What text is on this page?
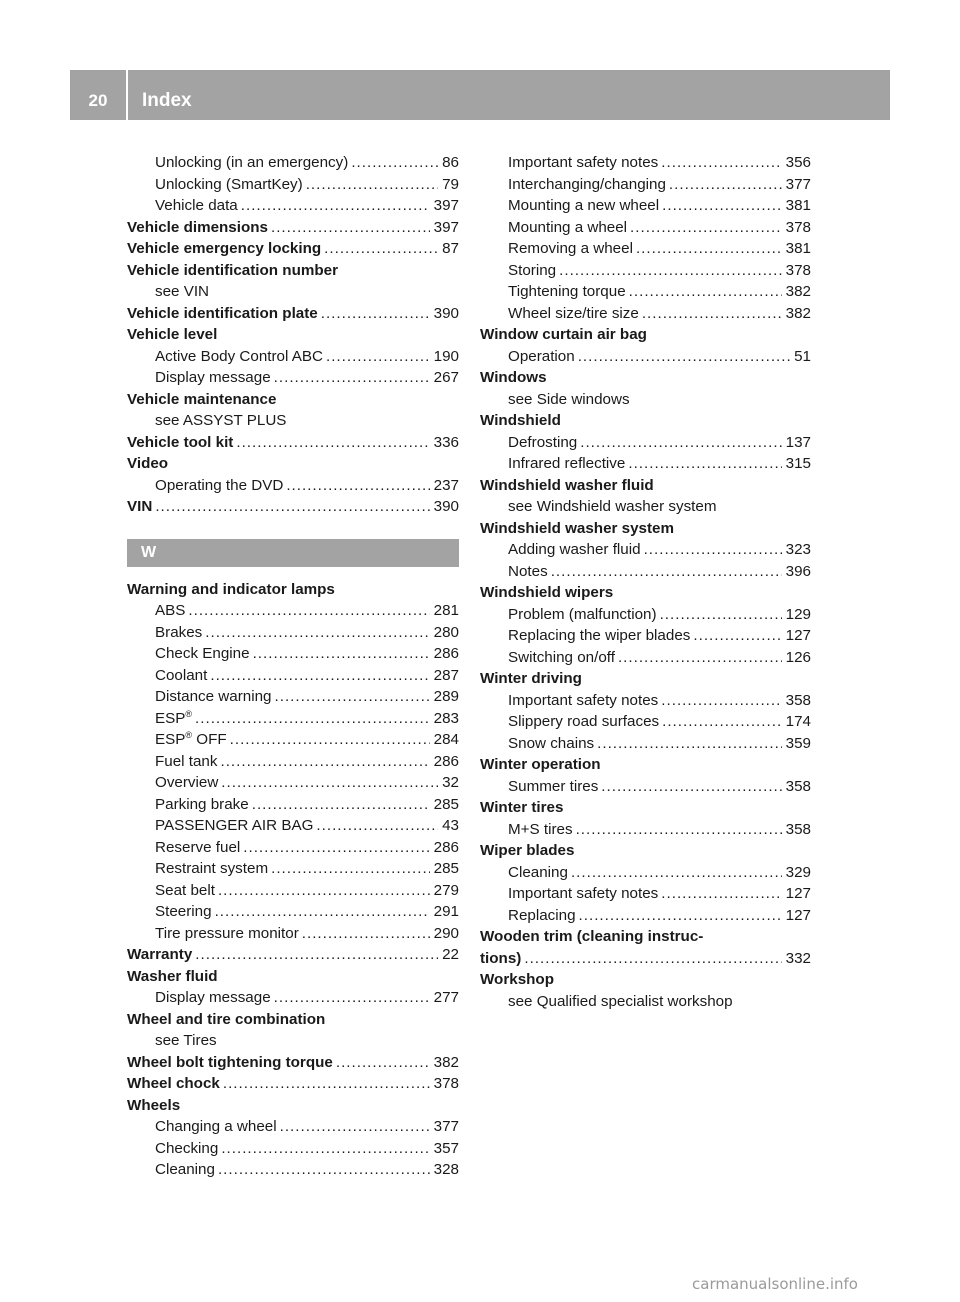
20	Index
Unlocking (in an emergency) .....	86
Unlocking (SmartKey) .....	79
Vehicle data .....	397
Vehicle dimensions .....	397
Vehicle emergency locking .....	87
Vehicle identification number
see VIN
Vehicle identification plate .....	390
Vehicle level
Active Body Control ABC .....	190
Display message .....	267
Vehicle maintenance
see ASSYST PLUS
Vehicle tool kit .....	336
Video
Operating the DVD .....	237
VIN .....	390
W
Warning and indicator lamps
ABS .....	281
Brakes .....	280
Check Engine .....	286
Coolant .....	287
Distance warning .....	289
ESP® .....	283
ESP® OFF .....	284
Fuel tank .....	286
Overview .....	32
Parking brake .....	285
PASSENGER AIR BAG .....	43
Reserve fuel .....	286
Restraint system .....	285
Seat belt .....	279
Steering .....	291
Tire pressure monitor .....	290
Warranty .....	22
Washer fluid
Display message .....	277
Wheel and tire combination
see Tires
Wheel bolt tightening torque .....	382
Wheel chock .....	378
Wheels
Changing a wheel .....	377
Checking .....	357
Cleaning .....	328
Important safety notes .....	356
Interchanging/changing .....	377
Mounting a new wheel .....	381
Mounting a wheel .....	378
Removing a wheel .....	381
Storing .....	378
Tightening torque .....	382
Wheel size/tire size .....	382
Window curtain air bag
Operation .....	51
Windows
see Side windows
Windshield
Defrosting .....	137
Infrared reflective .....	315
Windshield washer fluid
see Windshield washer system
Windshield washer system
Adding washer fluid .....	323
Notes .....	396
Windshield wipers
Problem (malfunction) .....	129
Replacing the wiper blades .....	127
Switching on/off .....	126
Winter driving
Important safety notes .....	358
Slippery road surfaces .....	174
Snow chains .....	359
Winter operation
Summer tires .....	358
Winter tires
M+S tires .....	358
Wiper blades
Cleaning .....	329
Important safety notes .....	127
Replacing .....	127
Wooden trim (cleaning instruc-
tions) .....	332
Workshop
see Qualified specialist workshop
carmanualsonline.info
